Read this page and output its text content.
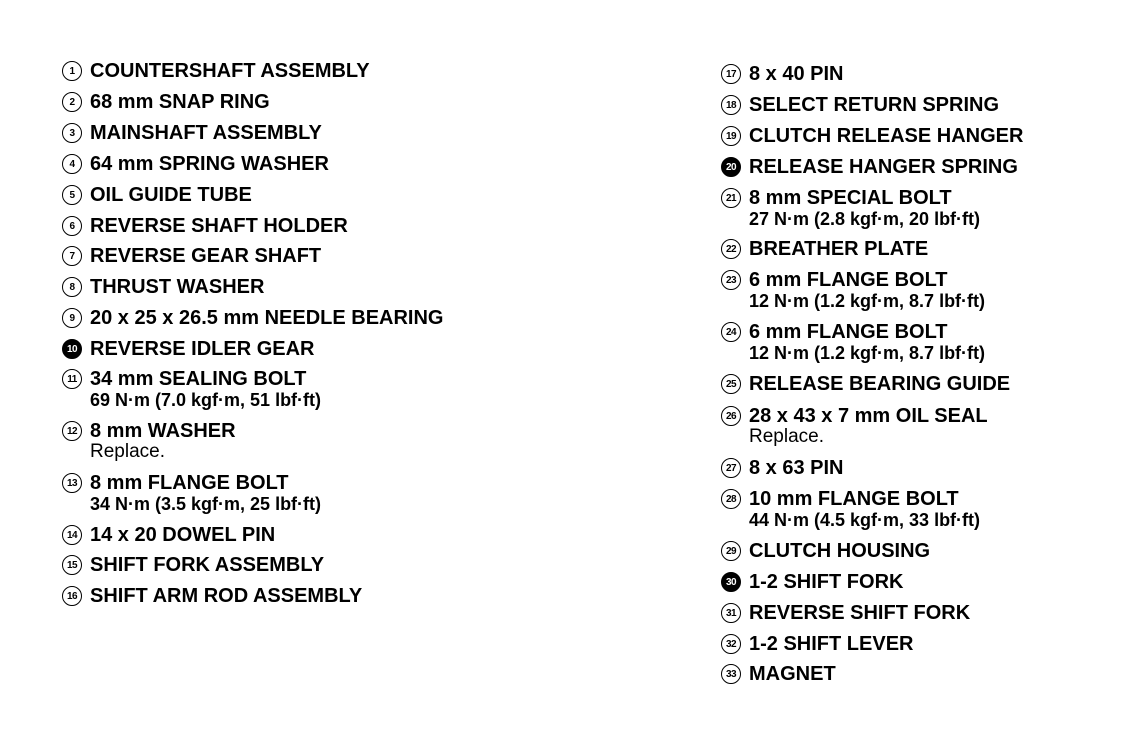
1 COUNTERSHAFT ASSEMBLY
2 68 mm SNAP RING
3 MAINSHAFT ASSEMBLY
4 64 mm SPRING WASHER
5 OIL GUIDE TUBE
6 REVERSE SHAFT HOLDER
7 REVERSE GEAR SHAFT
8 THRUST WASHER
9 20 x 25 x 26.5 mm NEEDLE BEARING
10 REVERSE IDLER GEAR
11 34 mm SEALING BOLT
69 N·m (7.0 kgf·m, 51 lbf·ft)
12 8 mm WASHER
Replace.
13 8 mm FLANGE BOLT
34 N·m (3.5 kgf·m, 25 lbf·ft)
14 14 x 20 DOWEL PIN
15 SHIFT FORK ASSEMBLY
16 SHIFT ARM ROD ASSEMBLY
17 8 x 40 PIN
18 SELECT RETURN SPRING
19 CLUTCH RELEASE HANGER
20 RELEASE HANGER SPRING
21 8 mm SPECIAL BOLT
27 N·m (2.8 kgf·m, 20 lbf·ft)
22 BREATHER PLATE
23 6 mm FLANGE BOLT
12 N·m (1.2 kgf·m, 8.7 lbf·ft)
24 6 mm FLANGE BOLT
12 N·m (1.2 kgf·m, 8.7 lbf·ft)
25 RELEASE BEARING GUIDE
26 28 x 43 x 7 mm OIL SEAL
Replace.
27 8 x 63 PIN
28 10 mm FLANGE BOLT
44 N·m (4.5 kgf·m, 33 lbf·ft)
29 CLUTCH HOUSING
30 1-2 SHIFT FORK
31 REVERSE SHIFT FORK
32 1-2 SHIFT LEVER
33 MAGNET
